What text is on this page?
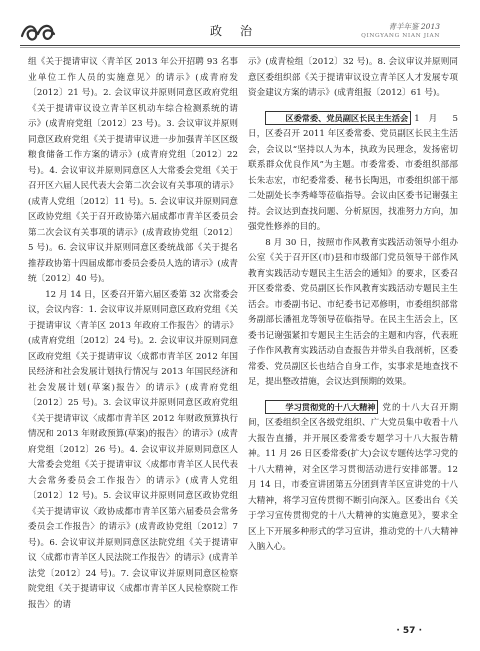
政治	青羊年鉴 2013
QINGYANG NIAN JIAN

组《关于提请审议〈青羊区 2013 年公开招聘 93 名事业单位工作人员的实施意见〉的请示》(成青府发〔2012〕21 号)。2. 会议审议并原则同意区政府党组《关于提请审议设立青羊区机动车综合检测系统的请示》(成青府党组〔2012〕23 号)。3. 会议审议并原则同意区政府党组《关于提请审议进一步加强青羊区区级粮食储备工作方案的请示》(成青府党组〔2012〕22 号)。4. 会议审议并原则同意区人大常委会党组《关于召开区六届人民代表大会第二次会议有关事项的请示》(成青人党组〔2012〕11 号)。5. 会议审议并原则同意区政协党组《关于召开政协第六届成都市青羊区委员会第二次会议有关事项的请示》(成青政协党组〔2012〕5 号)。6. 会议审议并原则同意区委统战部《关于提名推荐政协第十四届成都市委员会委员人选的请示》(成青统〔2012〕40 号)。

12 月 14 日，区委召开第六届区委第 32 次常委会议，会议内容：1. 会议审议并原则同意区政府党组《关于提请审议〈青羊区 2013 年政府工作报告〉的请示》(成青府党组〔2012〕24 号)。2. 会议审议并原则同意区政府党组《关于提请审议〈成都市青羊区 2012 年国民经济和社会发展计划执行情况与 2013 年国民经济和社会发展计划(草案)报告〉的请示》(成青府党组〔2012〕25 号)。3. 会议审议并原则同意区政府党组《关于提请审议〈成都市青羊区 2012 年财政预算执行情况和 2013 年财政预算(草案)的报告〉的请示》(成青府党组〔2012〕26 号)。4. 会议审议并原则同意区人大常委会党组《关于提请审议〈成都市青羊区人民代表大会常务委员会工作报告〉的请示》(成青人党组〔2012〕12 号)。5. 会议审议并原则同意区政协党组《关于提请审议〈政协成都市青羊区第六届委员会常务委员会工作报告〉的请示》(成青政协党组〔2012〕7 号)。6. 会议审议并原则同意区法院党组《关于提请审议〈成都市青羊区人民法院工作报告〉的请示》(成青羊法党〔2012〕24 号)。7. 会议审议并原则同意区检察院党组《关于提请审议〈成都市青羊区人民检察院工作报告〉的请

示》(成青检组〔2012〕32 号)。8. 会议审议并原则同意区委组织部《关于提请审议设立青羊区人才发展专项资金建议方案的请示》(成青组报〔2012〕61 号)。

区委常委、党员副区长民主生活会 1 月 5 日，区委召开 2011 年区委常委、党员副区长民主生活会，会议以“坚持以人为本，执政为民理念，发扬密切联系群众优良作风”为主题。市委常委、市委组织部部长朱志宏，市纪委常委、秘书长陶迅，市委组织部干部二处副处长李秀峰等莅临指导。会议由区委书记谢强主持。会议达到查找问题、分析原因，找准努力方向，加强党性修养的目的。

8 月 30 日，按照市作风教育实践活动领导小组办公室《关于召开区(市)县和市级部门党员领导干部作风教育实践活动专题民主生活会的通知》的要求，区委召开区委常委、党员副区长作风教育实践活动专题民主生活会。市委副书记、市纪委书记邓修明，市委组织部常务副部长潘祖龙等领导莅临指导。在民主生活会上，区委书记谢强紧扣专题民主生活会的主题和内容，代表班子作作风教育实践活动自查报告并带头自我剖析，区委常委、党员副区长也结合自身工作，实事求是地查找不足，提出整改措施，会议达到预期的效果。

学习贯彻党的十八大精神 党的十八大召开期间，区委组织全区各级党组织、广大党员集中收看十八大报告直播，并开展区委常委专题学习十八大报告精神。11 月 26 日区委常委(扩大)会议专题传达学习党的十八大精神，对全区学习贯彻活动进行安排部署。12 月 14 日，市委宣讲团第五分团到青羊区宣讲党的十八大精神，将学习宣传贯彻不断引向深入。区委出台《关于学习宣传贯彻党的十八大精神的实施意见》，要求全区上下开展多种形式的学习宣讲，推动党的十八大精神入脑入心。

· 57 ·
